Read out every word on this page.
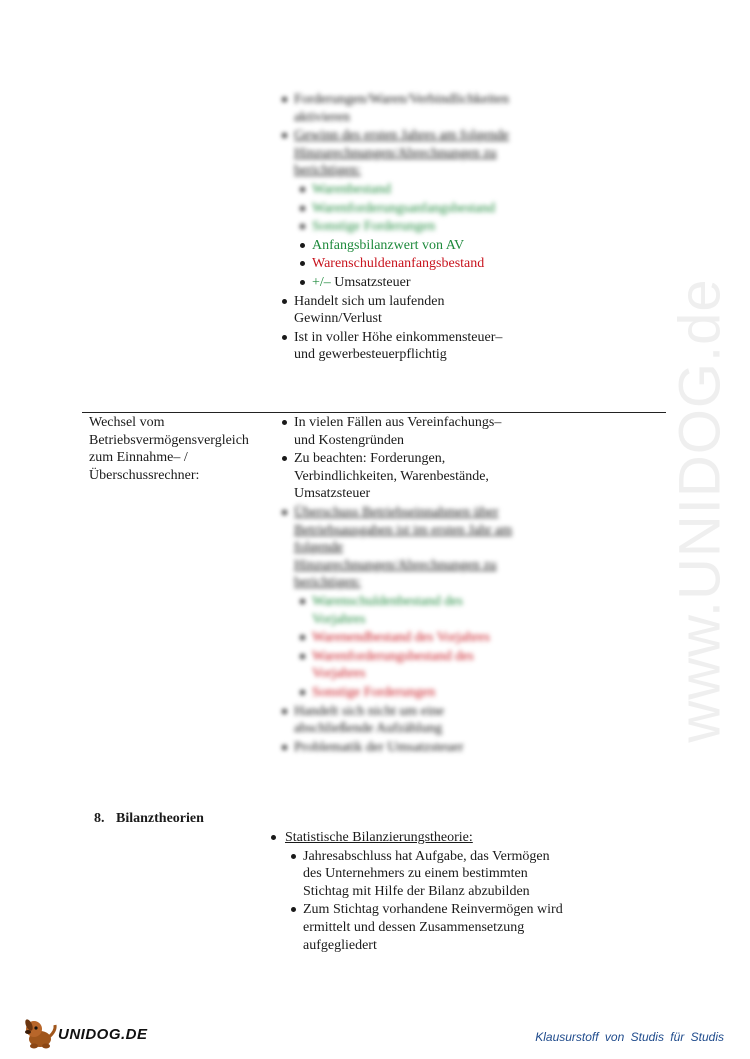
www.UNIDOG.de
Forderungen/Waren/Verbindlichkeiten aktivieren
Gewinn des ersten Jahres am folgende Hinzurechnungen/Abrechnungen zu berichtigen:
Warenbestand
Warenforderungsanfangsbestand
Sonstige Forderungen
Anfangsbilanzwert von AV
Warenschuldenanfangsbestand
+/– Umsatzsteuer
Handelt sich um laufenden Gewinn/Verlust
Ist in voller Höhe einkommensteuer– und gewerbesteuerpflichtig
Wechsel vom Betriebsvermögensvergleich zum Einnahme– /Überschussrechner:
In vielen Fällen aus Vereinfachungs– und Kostengründen
Zu beachten: Forderungen, Verbindlichkeiten, Warenbestände, Umsatzsteuer
Überschuss Betriebseinnahmen über Betriebsausgaben ist im ersten Jahr am folgende Hinzurechnungen/Abrechnungen zu berichtigen:
Warenschuldenbestand des Vorjahres
Warenendbestand des Vorjahres
Warenforderungsbestand des Vorjahres
Sonstige Forderungen
Handelt sich nicht um eine abschließende Aufzählung
Problematik der Umsatzsteuer
8. Bilanztheorien
Statistische Bilanzierungstheorie:
Jahresabschluss hat Aufgabe, das Vermögen des Unternehmers zu einem bestimmten Stichtag mit Hilfe der Bilanz abzubilden
Zum Stichtag vorhandene Reinvermögen wird ermittelt und dessen Zusammensetzung aufgegliedert
UNIDOG.DE	Klausurstoff von Studis für Studis
